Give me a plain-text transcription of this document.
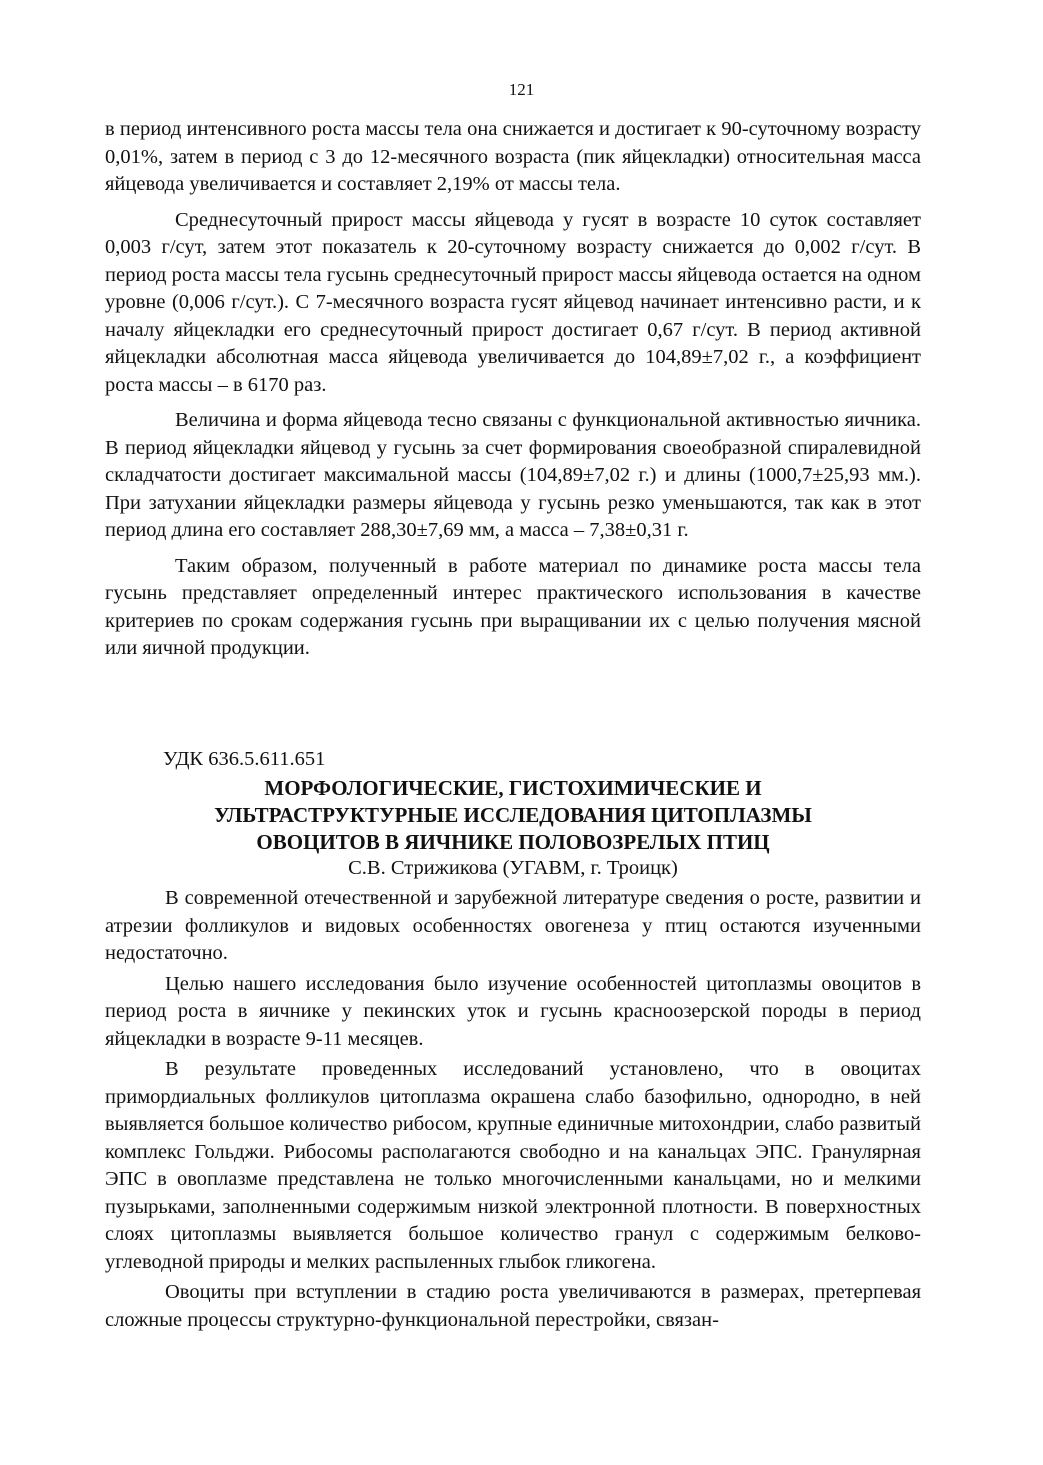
121

в период интенсивного роста массы тела она снижается и достигает к 90-суточному возрасту 0,01%, затем в период с 3 до 12-месячного возраста (пик яйцекладки) относительная масса яйцевода увеличивается и составляет 2,19% от массы тела.

Среднесуточный прирост массы яйцевода у гусят в возрасте 10 суток составляет 0,003 г/сут, затем этот показатель к 20-суточному возрасту снижается до 0,002 г/сут. В период роста массы тела гусынь среднесуточный прирост массы яйцевода остается на одном уровне (0,006 г/сут.). С 7-месячного возраста гусят яйцевод начинает интенсивно расти, и к началу яйцекладки его среднесуточный прирост достигает 0,67 г/сут. В период активной яйцекладки абсолютная масса яйцевода увеличивается до 104,89±7,02 г., а коэффициент роста массы – в 6170 раз.

Величина и форма яйцевода тесно связаны с функциональной активностью яичника. В период яйцекладки яйцевод у гусынь за счет формирования своеобразной спиралевидной складчатости достигает максимальной массы (104,89±7,02 г.) и длины (1000,7±25,93 мм.). При затухании яйцекладки размеры яйцевода у гусынь резко уменьшаются, так как в этот период длина его составляет 288,30±7,69 мм, а масса – 7,38±0,31 г.

Таким образом, полученный в работе материал по динамике роста массы тела гусынь представляет определенный интерес практического использования в качестве критериев по срокам содержания гусынь при выращивании их с целью получения мясной или яичной продукции.

УДК 636.5.611.651
МОРФОЛОГИЧЕСКИЕ, ГИСТОХИМИЧЕСКИЕ И
УЛЬТРАСТРУКТУРНЫЕ ИССЛЕДОВАНИЯ ЦИТОПЛАЗМЫ
ОВОЦИТОВ В ЯИЧНИКЕ ПОЛОВОЗРЕЛЫХ ПТИЦ
С.В. Стрижикова (УГАВМ, г. Троицк)

В современной отечественной и зарубежной литературе сведения о росте, развитии и атрезии фолликулов и видовых особенностях овогенеза у птиц остаются изученными недостаточно.

Целью нашего исследования было изучение особенностей цитоплазмы овоцитов в период роста в яичнике у пекинских уток и гусынь красноозерской породы в период яйцекладки в возрасте 9-11 месяцев.

В результате проведенных исследований установлено, что в овоцитах примордиальных фолликулов цитоплазма окрашена слабо базофильно, однородно, в ней выявляется большое количество рибосом, крупные единичные митохондрии, слабо развитый комплекс Гольджи. Рибосомы располагаются свободно и на канальцах ЭПС. Гранулярная ЭПС в овоплазме представлена не только многочисленными канальцами, но и мелкими пузырьками, заполненными содержимым низкой электронной плотности. В поверхностных слоях цитоплазмы выявляется большое количество гранул с содержимым белково-углеводной природы и мелких распыленных глыбок гликогена.

Овоциты при вступлении в стадию роста увеличиваются в размерах, претерпевая сложные процессы структурно-функциональной перестройки, связан-
